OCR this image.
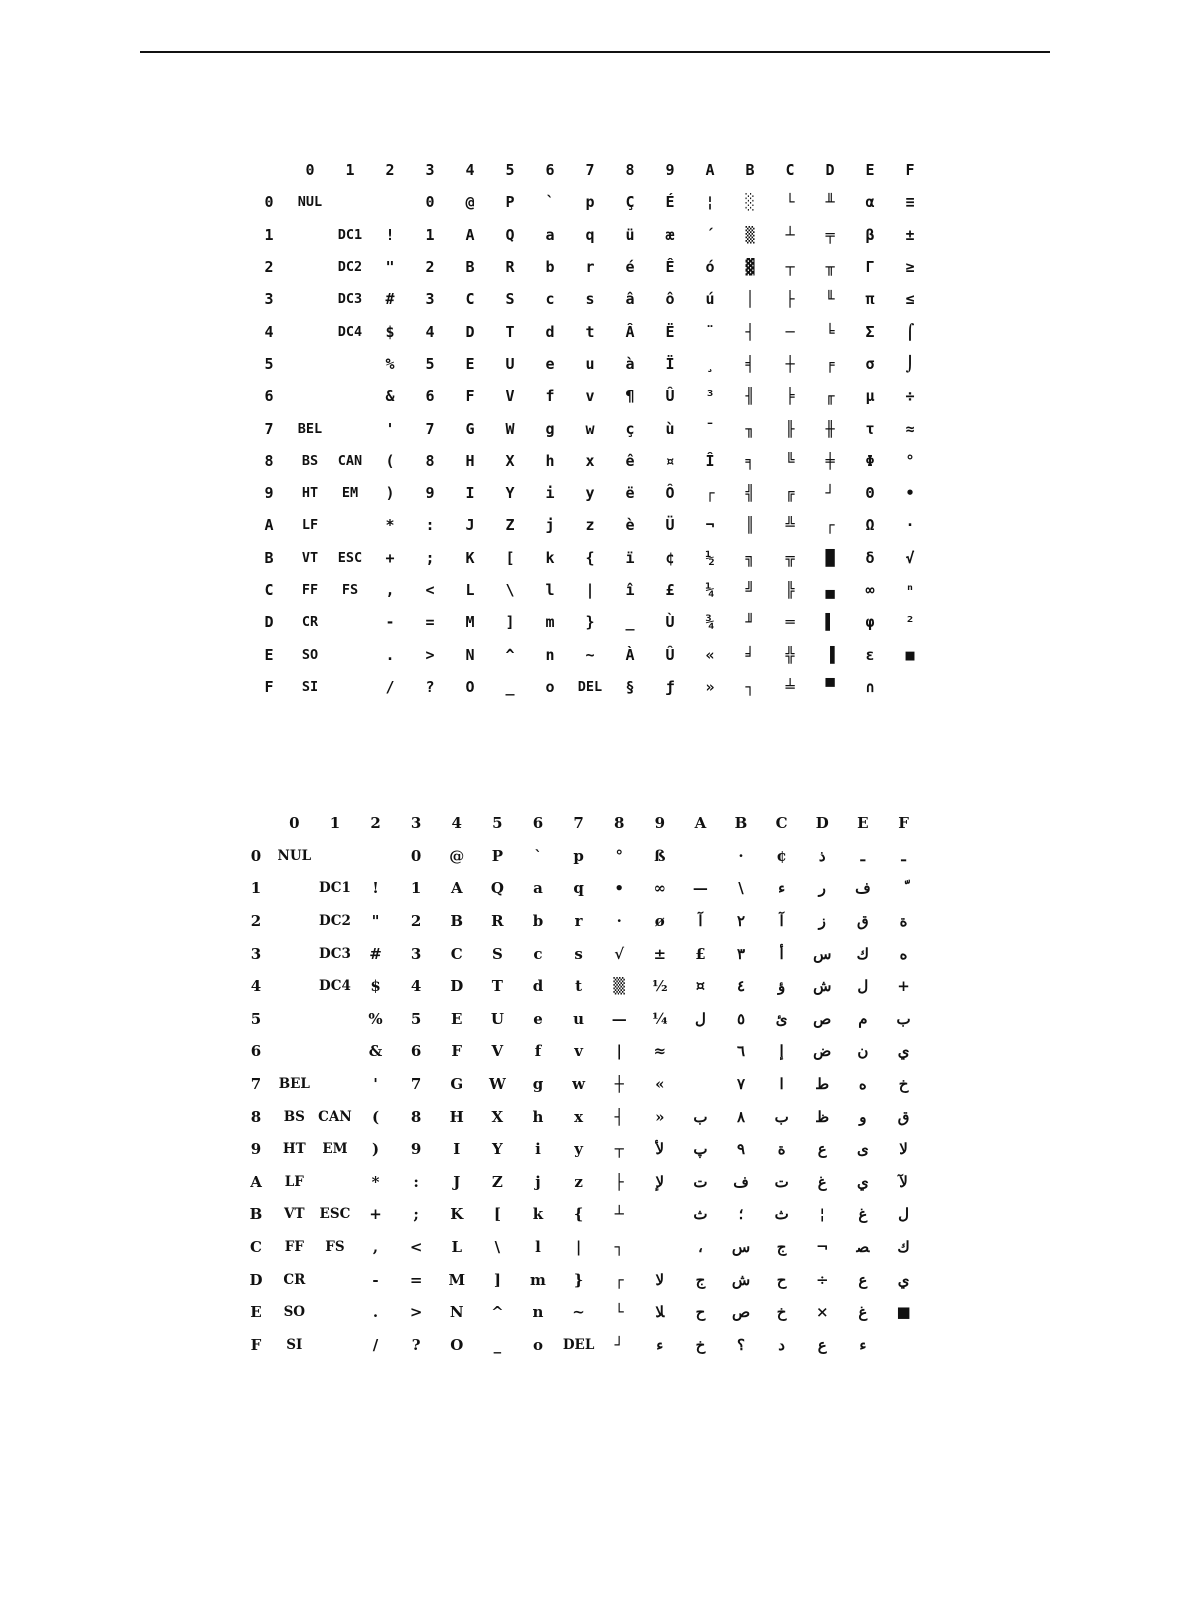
	0	1	2	3	4	5	6	7	8	9	A	B	C	D	E	F
0	NUL			0	@	P	`	p	Ç	É	¦	░	└	╨	α	≡
1		DC1	!	1	A	Q	a	q	ü	æ	´	▒	┴	╤	β	±
2		DC2	"	2	B	R	b	r	é	Ê	ó	▓	┬	╥	Γ	≥
3		DC3	#	3	C	S	c	s	â	ô	ú	│	├	╙	π	≤
4		DC4	$	4	D	T	d	t	Â	Ë	¨	┤	─	╘	Σ	⌠
5			%	5	E	U	e	u	à	Ï	¸	╡	┼	╒	σ	⌡
6			&	6	F	V	f	v	¶	Û	³	╢	╞	╓	µ	÷
7	BEL		'	7	G	W	g	w	ç	ù	¯	╖	╟	╫	τ	≈
8	BS	CAN	(	8	H	X	h	x	ê	¤	Î	╕	╚	╪	Φ	°
9	HT	EM	)	9	I	Y	i	y	ë	Ô	┌	╣	╔	┘	Θ	•
A	LF		*	:	J	Z	j	z	è	Ü	¬	║	╩	┌	Ω	·
B	VT	ESC	+	;	K	[	k	{	ï	¢	½	╗	╦	█	δ	√
C	FF	FS	,	<	L	\	l	|	î	£	¼	╝	╠	▄	∞	ⁿ
D	CR		-	=	M	]	m	}	_	Ù	¾	╜	═	▌	φ	²
E	SO		.	>	N	^	n	~	À	Û	«	╛	╬	▐	ε	■
F	SI		/	?	O	_	o	DEL	§	ƒ	»	┐	╧	▀	∩	
	0	1	2	3	4	5	6	7	8	9	A	B	C	D	E	F
0	NUL			0	@	P	`	p	°	ß		·	¢	ذ	ـ	ـ
1		DC1	!	1	A	Q	a	q	•	∞	—	\	ء	ر	ف	
2		DC2	"	2	B	R	b	r	·	ø	آ	٢	آ	ز	ق	ة
3		DC3	#	3	C	S	c	s	√	±	£	٣	أ	س	ك	ه
4		DC4	$	4	D	T	d	t	▒	½	¤	٤	ؤ	ش	ل	+
5			%	5	E	U	e	u	—	¼	ل	٥	ئ	ص	م	ب
6			&	6	F	V	f	v	|	≈		٦	إ	ض	ن	ي
7	BEL		'	7	G	W	g	w	┼	«		٧	ا	ط	ه	خ
8	BS	CAN	(	8	H	X	h	x	┤	»	ب	٨	ب	ظ	و	ق
9	HT	EM	)	9	I	Y	i	y	┬	ﻷ	پ	٩	ة	ع	ى	ﻻ
A	LF		*	:	J	Z	j	z	├	ﻹ	ت	ف	ت	غ	ي	ﻵ
B	VT	ESC	+	;	K	[	k	{	┴		ث	؛	ث	¦	غ	ل
C	FF	FS	,	<	L	\	l	|	┐		،	س	ج	¬	ﺼ	ك
D	CR		-	=	M	]	m	}	┌	ﻻ	ج	ش	ح	÷	ع	ي
E	SO		.	>	N	^	n	~	└	ﻼ	ح	ص	خ	×	غ	■
F	SI		/	?	O	_	o	DEL	┘	ء	خ	؟	د	ع	ء	
